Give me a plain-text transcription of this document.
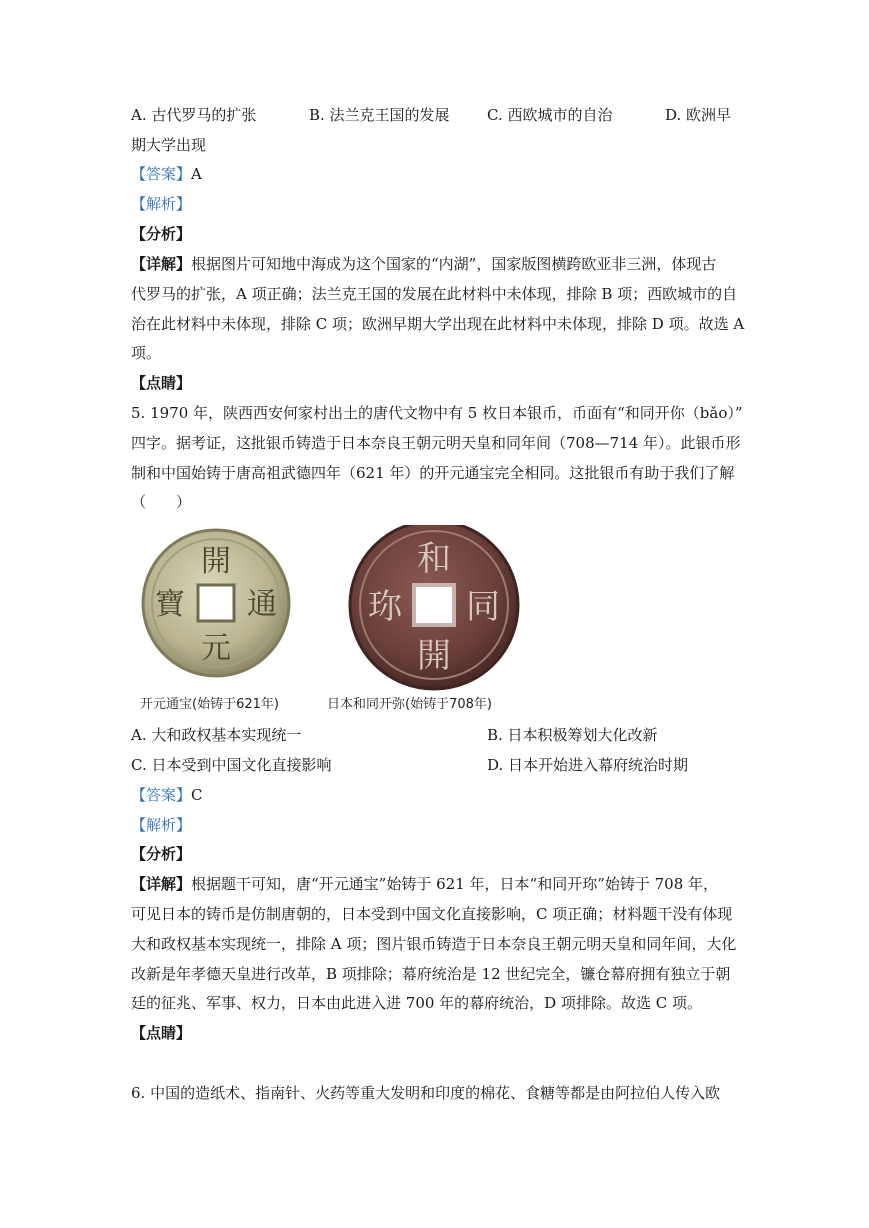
A. 古代罗马的扩张	B. 法兰克王国的发展 C. 西欧城市的自治	D. 欧洲早
期大学出现
【答案】A
【解析】
【分析】
【详解】根据图片可知地中海成为这个国家的“内湖”，国家版图横跨欧亚非三洲，体现古
代罗马的扩张，A 项正确；法兰克王国的发展在此材料中未体现，排除 B 项；西欧城市的自
治在此材料中未体现，排除 C 项；欧洲早期大学出现在此材料中未体现，排除 D 项。故选 A
项。
【点睛】
5. 1970 年，陕西西安何家村出土的唐代文物中有 5 枚日本银币，币面有“和同开你（bǎo）”
四字。据考证，这批银币铸造于日本奈良王朝元明天皇和同年间（708—714 年）。此银币形
制和中国始铸于唐高祖武德四年（621 年）的开元通宝完全相同。这批银币有助于我们了解
（　　）
開
元
通
寶
和
同
開
珎
开元通宝(始铸于621年)	日本和同开弥(始铸于708年)
A. 大和政权基本实现统一	B. 日本积极筹划大化改新
C. 日本受到中国文化直接影响	D. 日本开始进入幕府统治时期
【答案】C
【解析】
【分析】
【详解】根据题干可知，唐“开元通宝”始铸于 621 年，日本“和同开珎”始铸于 708 年，
可见日本的铸币是仿制唐朝的，日本受到中国文化直接影响，C 项正确；材料题干没有体现
大和政权基本实现统一，排除 A 项；图片银币铸造于日本奈良王朝元明天皇和同年间，大化
改新是年孝德天皇进行改革，B 项排除；幕府统治是 12 世纪完全，镰仓幕府拥有独立于朝
廷的征兆、军事、权力，日本由此进入进 700 年的幕府统治，D 项排除。故选 C 项。
【点睛】
6. 中国的造纸术、指南针、火药等重大发明和印度的棉花、食糖等都是由阿拉伯人传入欧
